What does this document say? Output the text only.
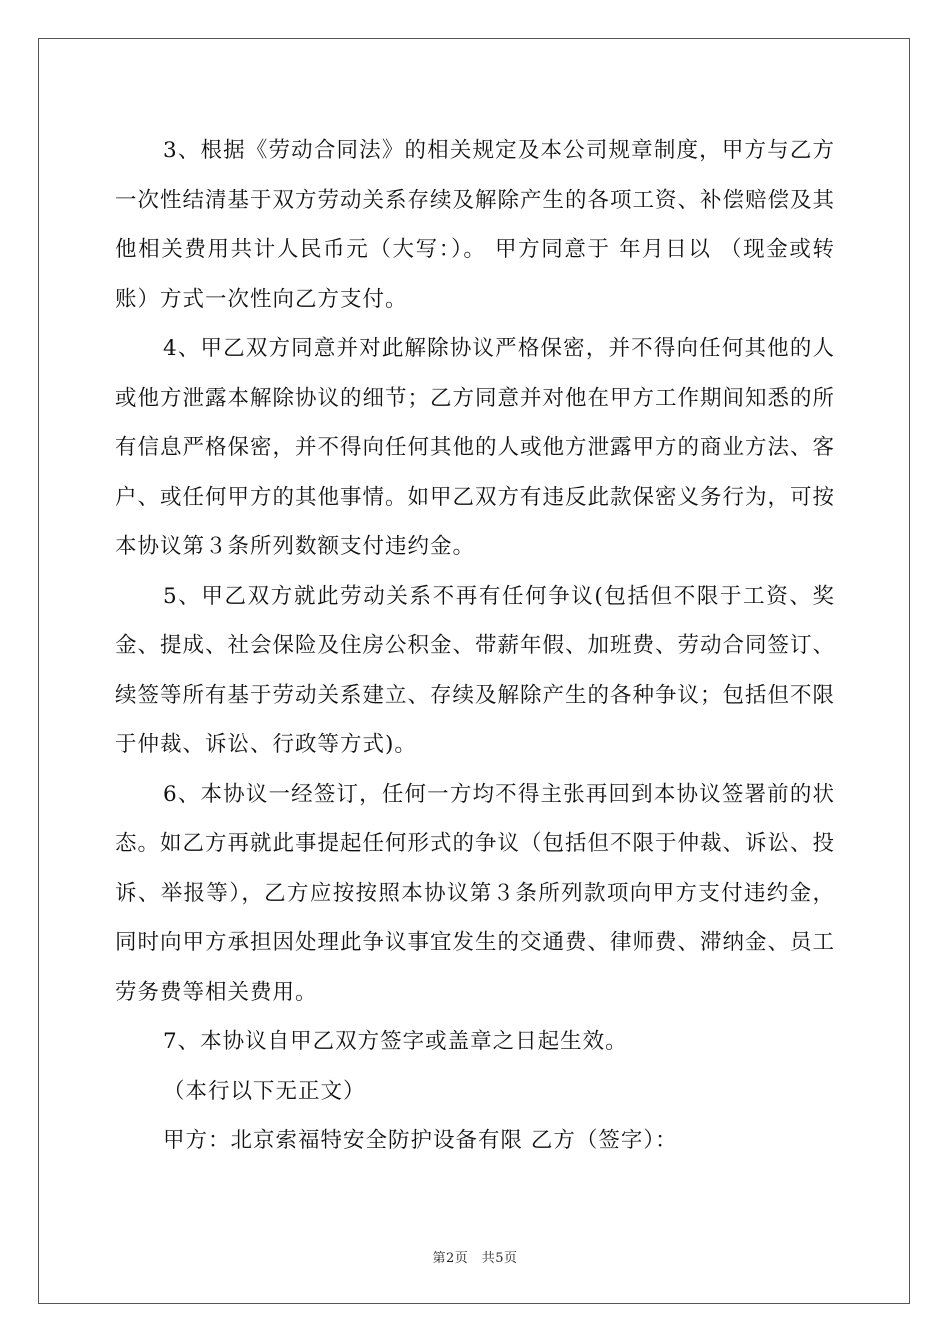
3、根据《劳动合同法》的相关规定及本公司规章制度，甲方与乙方一次性结清基于双方劳动关系存续及解除产生的各项工资、补偿赔偿及其他相关费用共计人民币元（大写：）。 甲方同意于 年月日以 （现金或转账）方式一次性向乙方支付。

4、甲乙双方同意并对此解除协议严格保密，并不得向任何其他的人或他方泄露本解除协议的细节；乙方同意并对他在甲方工作期间知悉的所有信息严格保密，并不得向任何其他的人或他方泄露甲方的商业方法、客户、或任何甲方的其他事情。如甲乙双方有违反此款保密义务行为，可按本协议第３条所列数额支付违约金。

5、甲乙双方就此劳动关系不再有任何争议(包括但不限于工资、奖金、提成、社会保险及住房公积金、带薪年假、加班费、劳动合同签订、续签等所有基于劳动关系建立、存续及解除产生的各种争议；包括但不限于仲裁、诉讼、行政等方式)。

6、本协议一经签订，任何一方均不得主张再回到本协议签署前的状态。如乙方再就此事提起任何形式的争议（包括但不限于仲裁、诉讼、投诉、举报等），乙方应按按照本协议第３条所列款项向甲方支付违约金，同时向甲方承担因处理此争议事宜发生的交通费、律师费、滞纳金、员工劳务费等相关费用。

7、本协议自甲乙双方签字或盖章之日起生效。

（本行以下无正文）

甲方：北京索福特安全防护设备有限 乙方（签字）：

第2页　共5页
